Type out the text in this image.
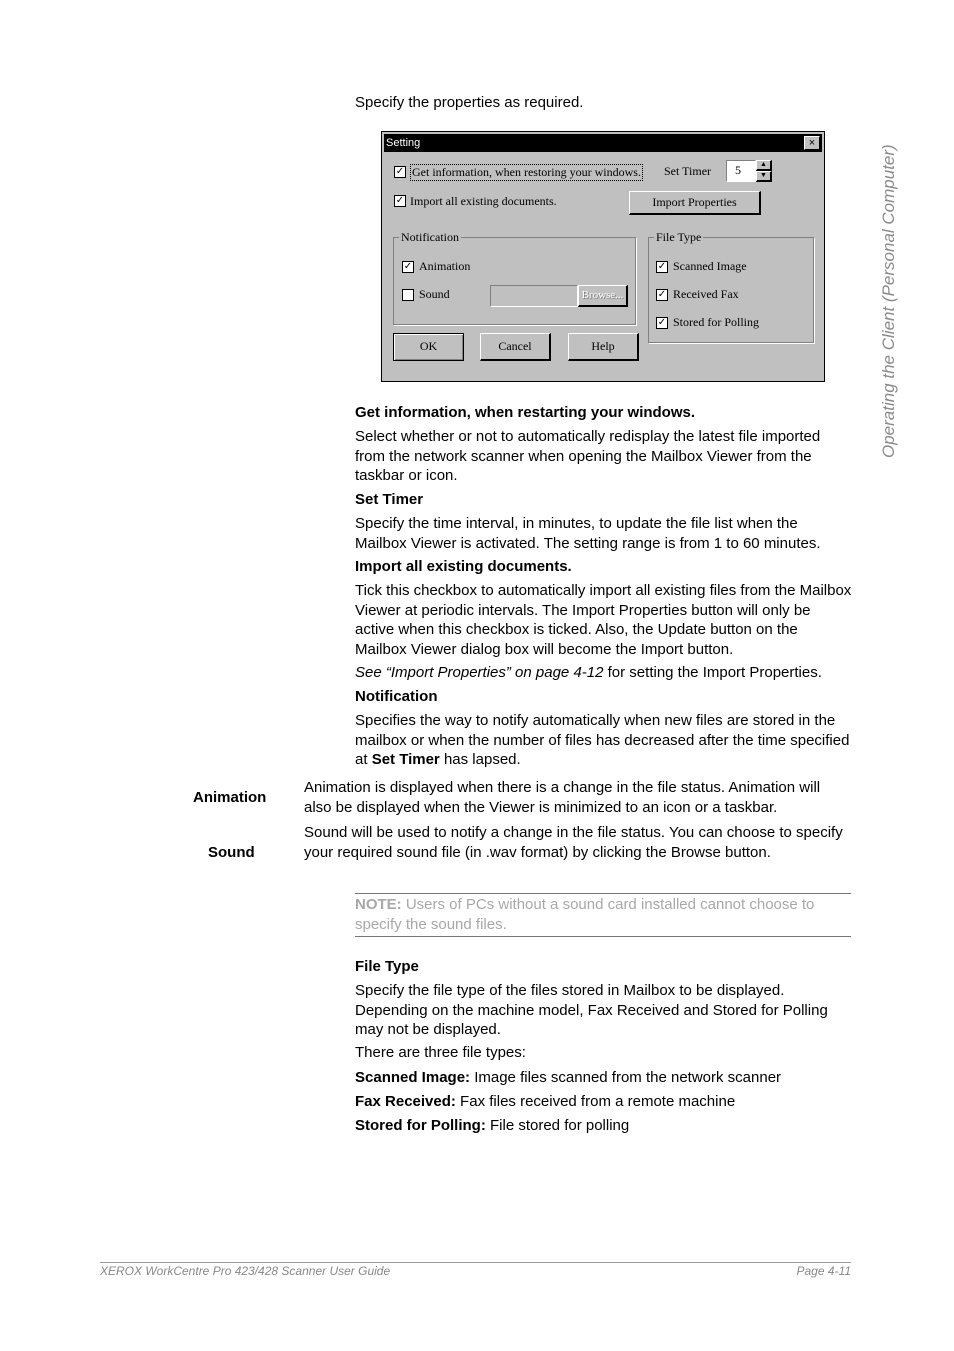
Operating the Client (Personal Computer)
Specify the properties as required.
Setting	×
✓ Get information, when restoring your windows. Set Timer	5	▲
▼
✓ Import all existing documents.	Import Properties
Notification
✓ Animation
Sound	Browse...
File Type
✓ Scanned Image
✓ Received Fax
✓ Stored for Polling
OK	Cancel	Help
Get information, when restarting your windows.
Select whether or not to automatically redisplay the latest file imported from the network scanner when opening the Mailbox Viewer from the taskbar or icon.
Set Timer
Specify the time interval, in minutes, to update the file list when the Mailbox Viewer is activated. The setting range is from 1 to 60 minutes.
Import all existing documents.
Tick this checkbox to automatically import all existing files from the Mailbox Viewer at periodic intervals. The Import Properties button will only be active when this checkbox is ticked. Also, the Update button on the Mailbox Viewer dialog box will become the Import button.
See “Import Properties” on page 4-12 for setting the Import Properties.
Notification
Specifies the way to notify automatically when new files are stored in the mailbox or when the number of files has decreased after the time specified at Set Timer has lapsed.
Animation
Animation is displayed when there is a change in the file status. Animation will also be displayed when the Viewer is minimized to an icon or a taskbar.
Sound
Sound will be used to notify a change in the file status. You can choose to specify your required sound file (in .wav format) by clicking the Browse button.
NOTE: Users of PCs without a sound card installed cannot choose to specify the sound files.
File Type
Specify the file type of the files stored in Mailbox to be displayed. Depending on the machine model, Fax Received and Stored for Polling may not be displayed.
There are three file types:
Scanned Image: Image files scanned from the network scanner
Fax Received: Fax files received from a remote machine
Stored for Polling: File stored for polling
XEROX WorkCentre Pro 423/428 Scanner User Guide	Page 4-11
